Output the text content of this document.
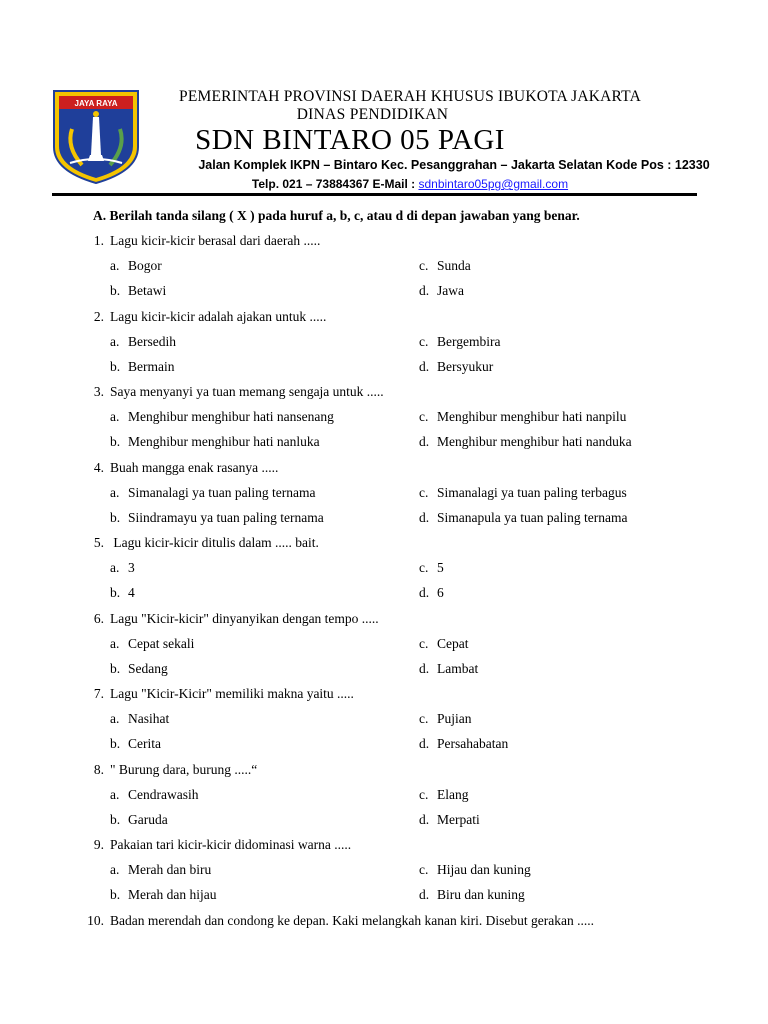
JAYA RAYA	PEMERINTAH PROVINSI DAERAH KHUSUS IBUKOTA JAKARTA
DINAS PENDIDIKAN
SDN BINTARO 05 PAGI
Jalan Komplek IKPN – Bintaro Kec. Pesanggrahan – Jakarta Selatan Kode Pos : 12330
Telp. 021 – 73884367 E-Mail : sdnbintaro05pg@gmail.com
A. Berilah tanda silang ( X ) pada huruf a, b, c, atau d di depan jawaban yang benar.
1. Lagu kicir-kicir berasal dari daerah .....
a. Bogor	c. Sunda
b. Betawi	d. Jawa
2. Lagu kicir-kicir adalah ajakan untuk .....
a. Bersedih	c. Bergembira
b. Bermain	d. Bersyukur
3. Saya menyanyi ya tuan memang sengaja untuk .....
a. Menghibur menghibur hati nansenang	c. Menghibur menghibur hati nanpilu
b. Menghibur menghibur hati nanluka	d. Menghibur menghibur hati nanduka
4. Buah mangga enak rasanya .....
a. Simanalagi ya tuan paling ternama	c. Simanalagi ya tuan paling terbagus
b. Siindramayu ya tuan paling ternama	d. Simanapula ya tuan paling ternama
5. Lagu kicir-kicir ditulis dalam ..... bait.
a. 3	c. 5
b. 4	d. 6
6. Lagu "Kicir-kicir" dinyanyikan dengan tempo .....
a. Cepat sekali	c. Cepat
b. Sedang	d. Lambat
7. Lagu "Kicir-Kicir" memiliki makna yaitu .....
a. Nasihat	c. Pujian
b. Cerita	d. Persahabatan
8. " Burung dara, burung .....“
a. Cendrawasih	c. Elang
b. Garuda	d. Merpati
9. Pakaian tari kicir-kicir didominasi warna .....
a. Merah dan biru	c. Hijau dan kuning
b. Merah dan hijau	d. Biru dan kuning
10. Badan merendah dan condong ke depan. Kaki melangkah kanan kiri. Disebut gerakan .....
